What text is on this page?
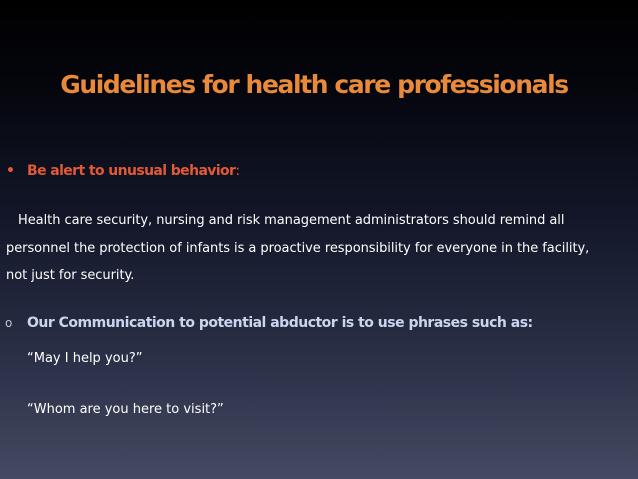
Guidelines for health care professionals
• Be alert to unusual behavior:
Health care security, nursing and risk management administrators should remind all
personnel the protection of infants is a proactive responsibility for everyone in the facility,
not just for security.
o Our Communication to potential abductor is to use phrases such as:
“May I help you?”
“Whom are you here to visit?”
